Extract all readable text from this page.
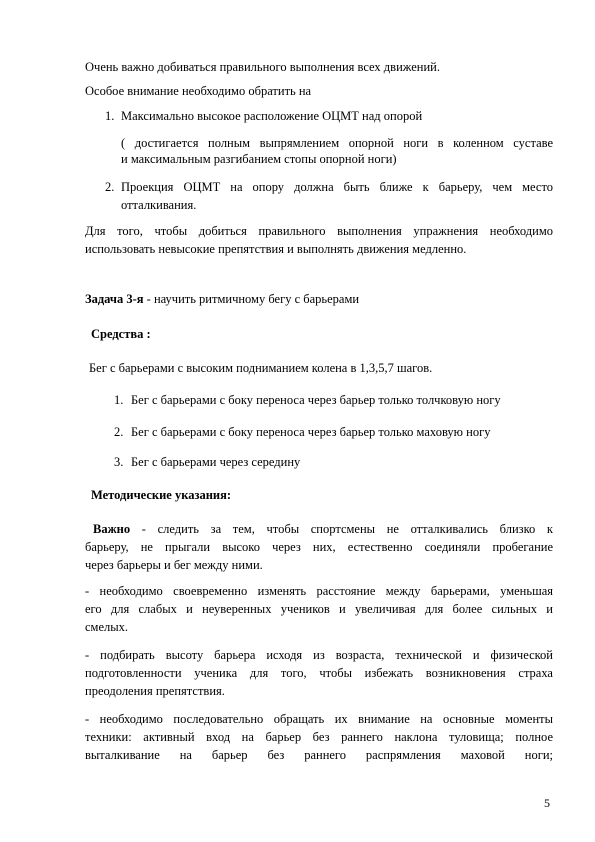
Очень важно добиваться правильного выполнения всех движений.
Особое внимание необходимо обратить на
1. Максимально высокое расположение ОЦМТ над опорой
( достигается полным выпрямлением опорной ноги в коленном суставе
и максимальным разгибанием стопы опорной ноги)
2. Проекция ОЦМТ на опору должна быть ближе к барьеру, чем место
отталкивания.
Для того, чтобы добиться правильного выполнения упражнения необходимо
использовать невысокие препятствия и выполнять движения медленно.
Задача 3-я - научить ритмичному бегу с барьерами
Средства :
Бег с барьерами с высоким подниманием колена в 1,3,5,7 шагов.
1. Бег с барьерами с боку переноса через барьер только толчковую ногу
2. Бег с барьерами с боку переноса через барьер только маховую ногу
3. Бег с барьерами через середину
Методические указания:
Важно - следить за тем, чтобы спортсмены не отталкивались близко к
барьеру, не прыгали высоко через них, естественно соединяли пробегание
через барьеры и бег между ними.
- необходимо своевременно изменять расстояние между барьерами, уменьшая
его для слабых и неуверенных учеников и увеличивая для более сильных и
смелых.
- подбирать высоту барьера исходя из возраста, технической и физической
подготовленности ученика для того, чтобы избежать возникновения страха
преодоления препятствия.
- необходимо последовательно обращать их внимание на основные моменты
техники: активный вход на барьер без раннего наклона туловища; полное
выталкивание на барьер без раннего распрямления маховой ноги;
5
